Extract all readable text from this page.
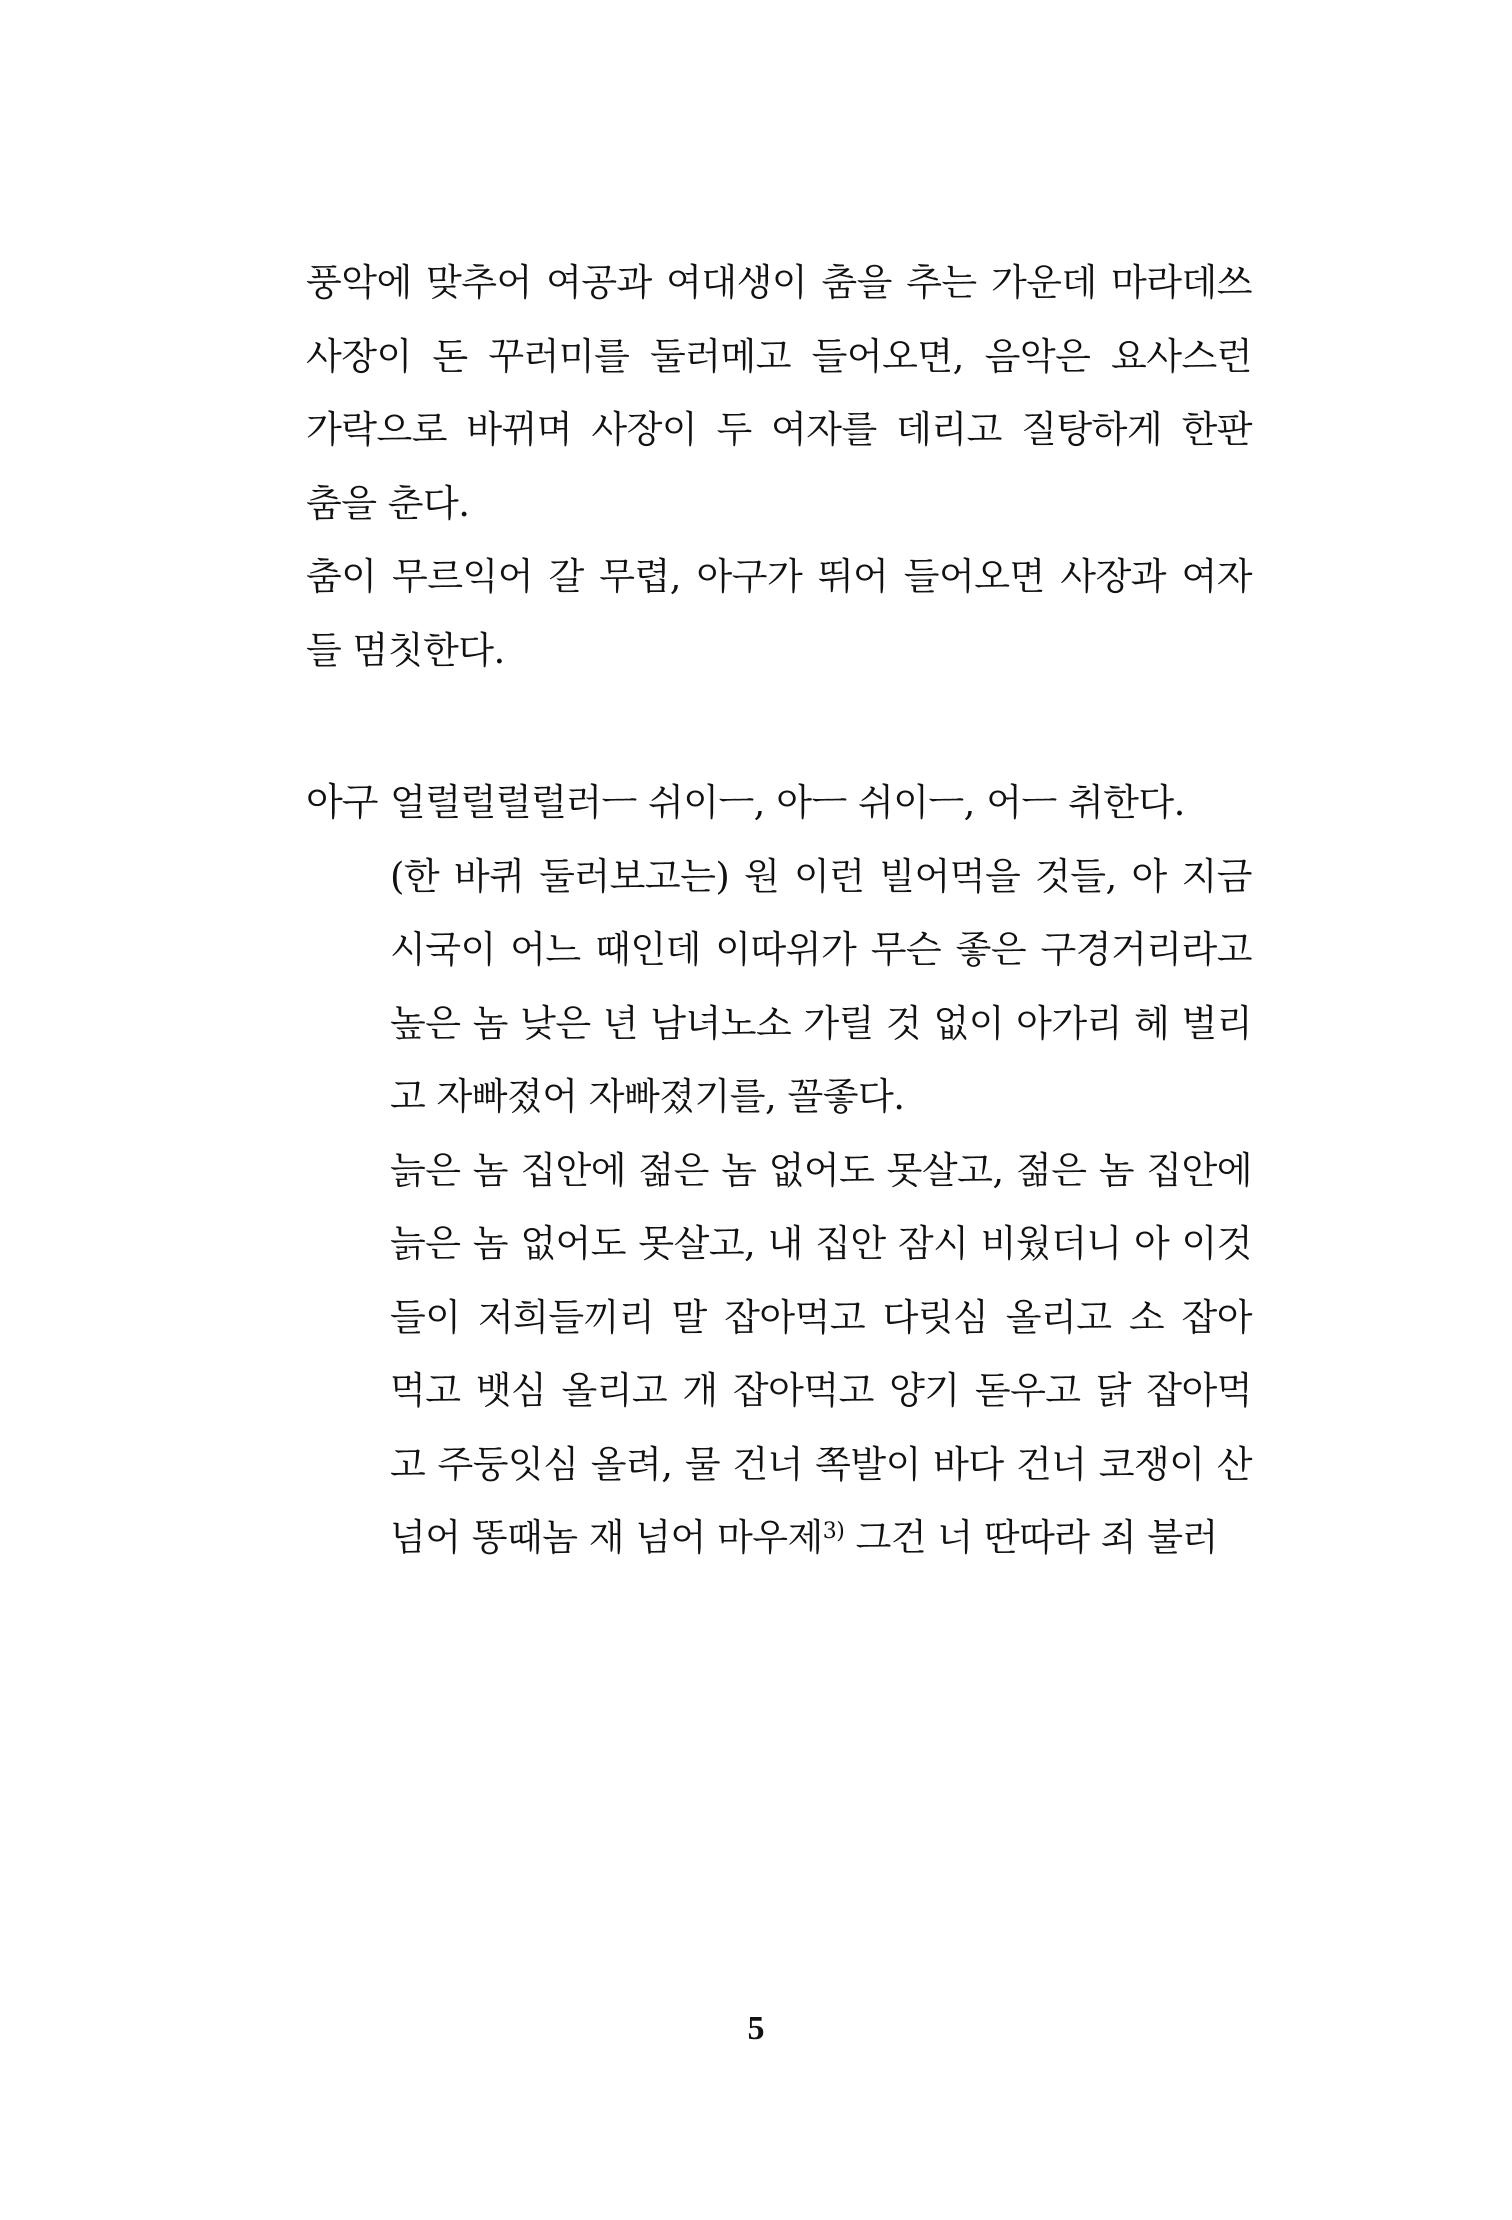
풍악에 맞추어 여공과 여대생이 춤을 추는 가운데 마라데쓰
사장이 돈 꾸러미를 둘러메고 들어오면, 음악은 요사스런
가락으로 바뀌며 사장이 두 여자를 데리고 질탕하게 한판
춤을 춘다.
춤이 무르익어 갈 무렵, 아구가 뛰어 들어오면 사장과 여자
들 멈칫한다.
아구 얼럴럴럴럴러ㅡ 쉬이ㅡ, 아ㅡ 쉬이ㅡ, 어ㅡ 취한다.
(한 바퀴 둘러보고는) 원 이런 빌어먹을 것들, 아 지금
시국이 어느 때인데 이따위가 무슨 좋은 구경거리라고
높은 놈 낮은 년 남녀노소 가릴 것 없이 아가리 헤 벌리
고 자빠졌어 자빠졌기를, 꼴좋다.
늙은 놈 집안에 젊은 놈 없어도 못살고, 젊은 놈 집안에
늙은 놈 없어도 못살고, 내 집안 잠시 비웠더니 아 이것
들이 저희들끼리 말 잡아먹고 다릿심 올리고 소 잡아
먹고 뱃심 올리고 개 잡아먹고 양기 돋우고 닭 잡아먹
고 주둥잇심 올려, 물 건너 쪽발이 바다 건너 코쟁이 산
넘어 똥때놈 재 넘어 마우제$^{3)}$ 그건 너 딴따라 죄 불러
5
